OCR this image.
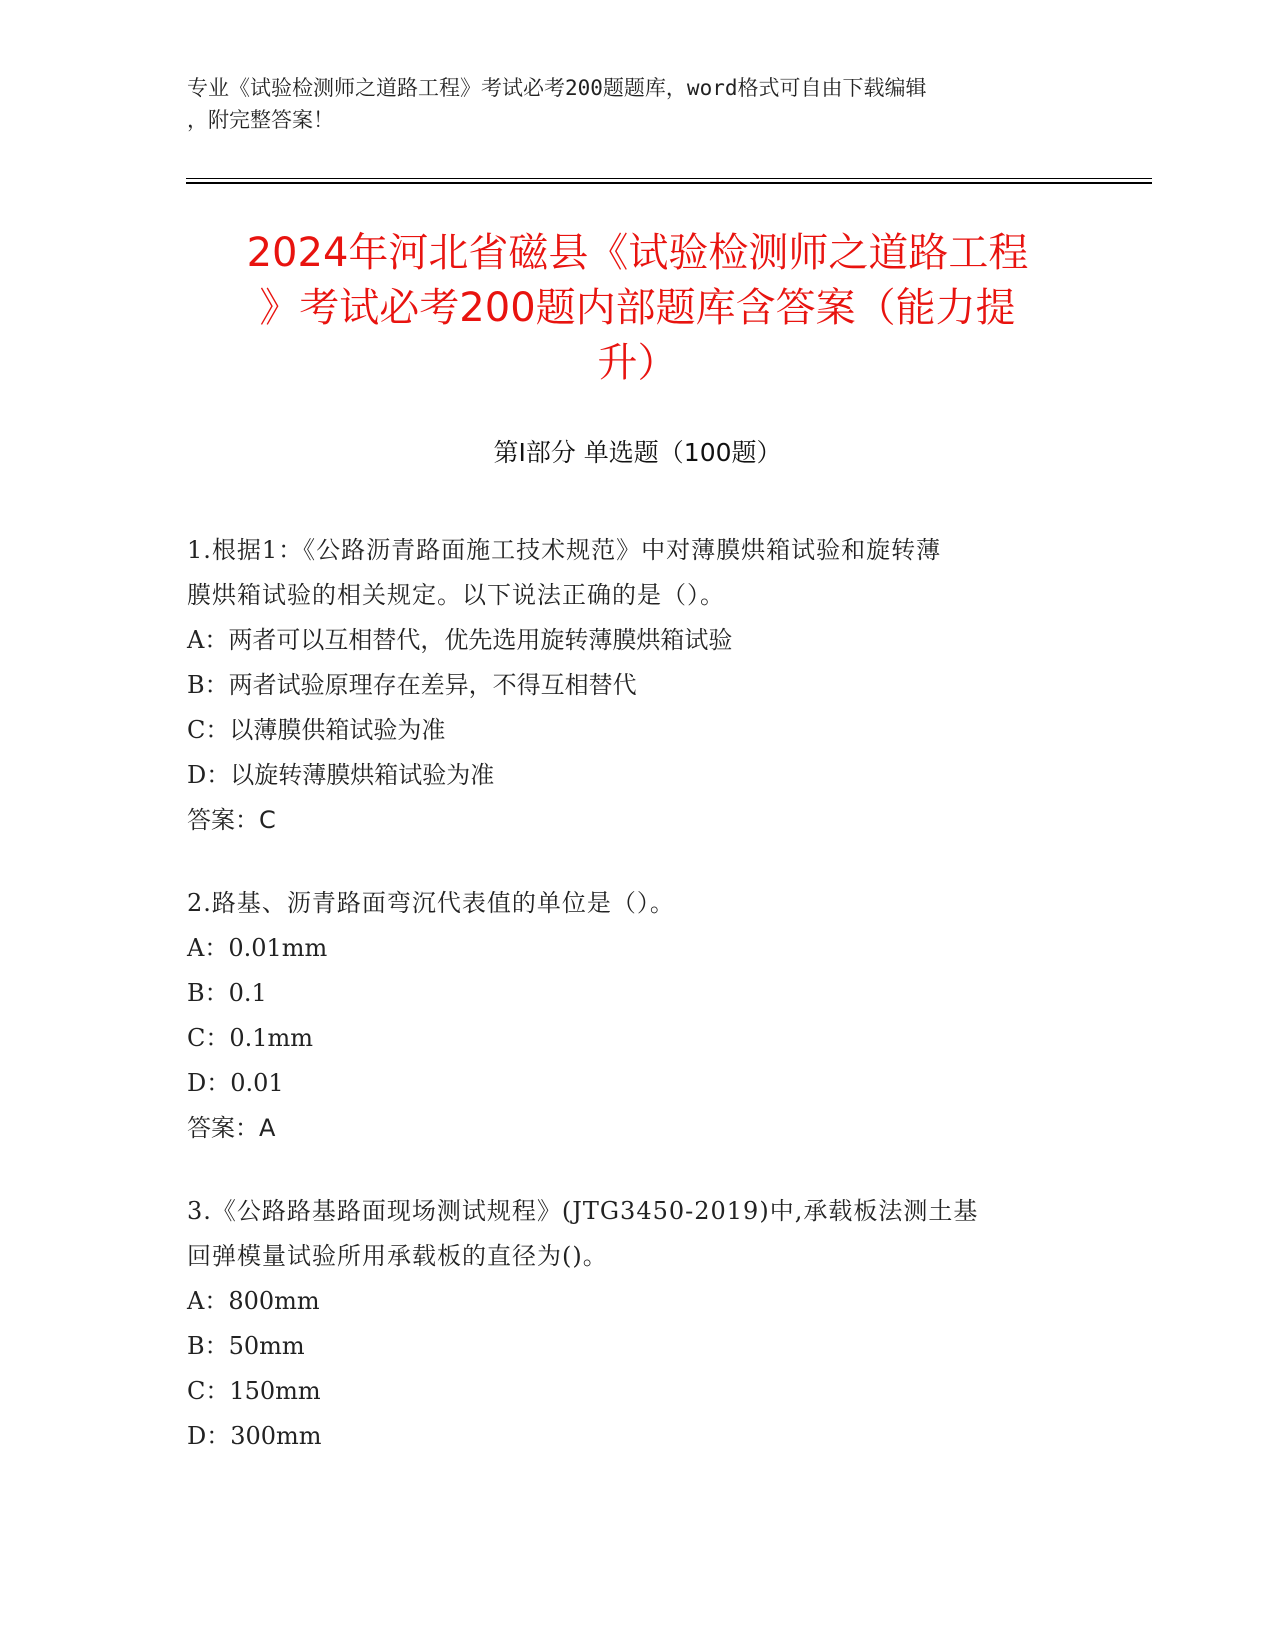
专业《试验检测师之道路工程》考试必考200题题库，word格式可自由下载编辑
，附完整答案！
2024年河北省磁县《试验检测师之道路工程
》考试必考200题内部题库含答案（能力提
升）
第Ⅰ部分 单选题（100题）
1.根据1：《公路沥青路面施工技术规范》中对薄膜烘箱试验和旋转薄
膜烘箱试验的相关规定。以下说法正确的是（）。
A：两者可以互相替代，优先选用旋转薄膜烘箱试验
B：两者试验原理存在差异，不得互相替代
C：以薄膜供箱试验为准
D：以旋转薄膜烘箱试验为准
答案：C
2.路基、沥青路面弯沉代表值的单位是（）。
A：0.01mm
B：0.1
C：0.1mm
D：0.01
答案：A
3.《公路路基路面现场测试规程》(JTG3450-2019)中,承载板法测土基
回弹模量试验所用承载板的直径为()。
A：800mm
B：50mm
C：150mm
D：300mm
